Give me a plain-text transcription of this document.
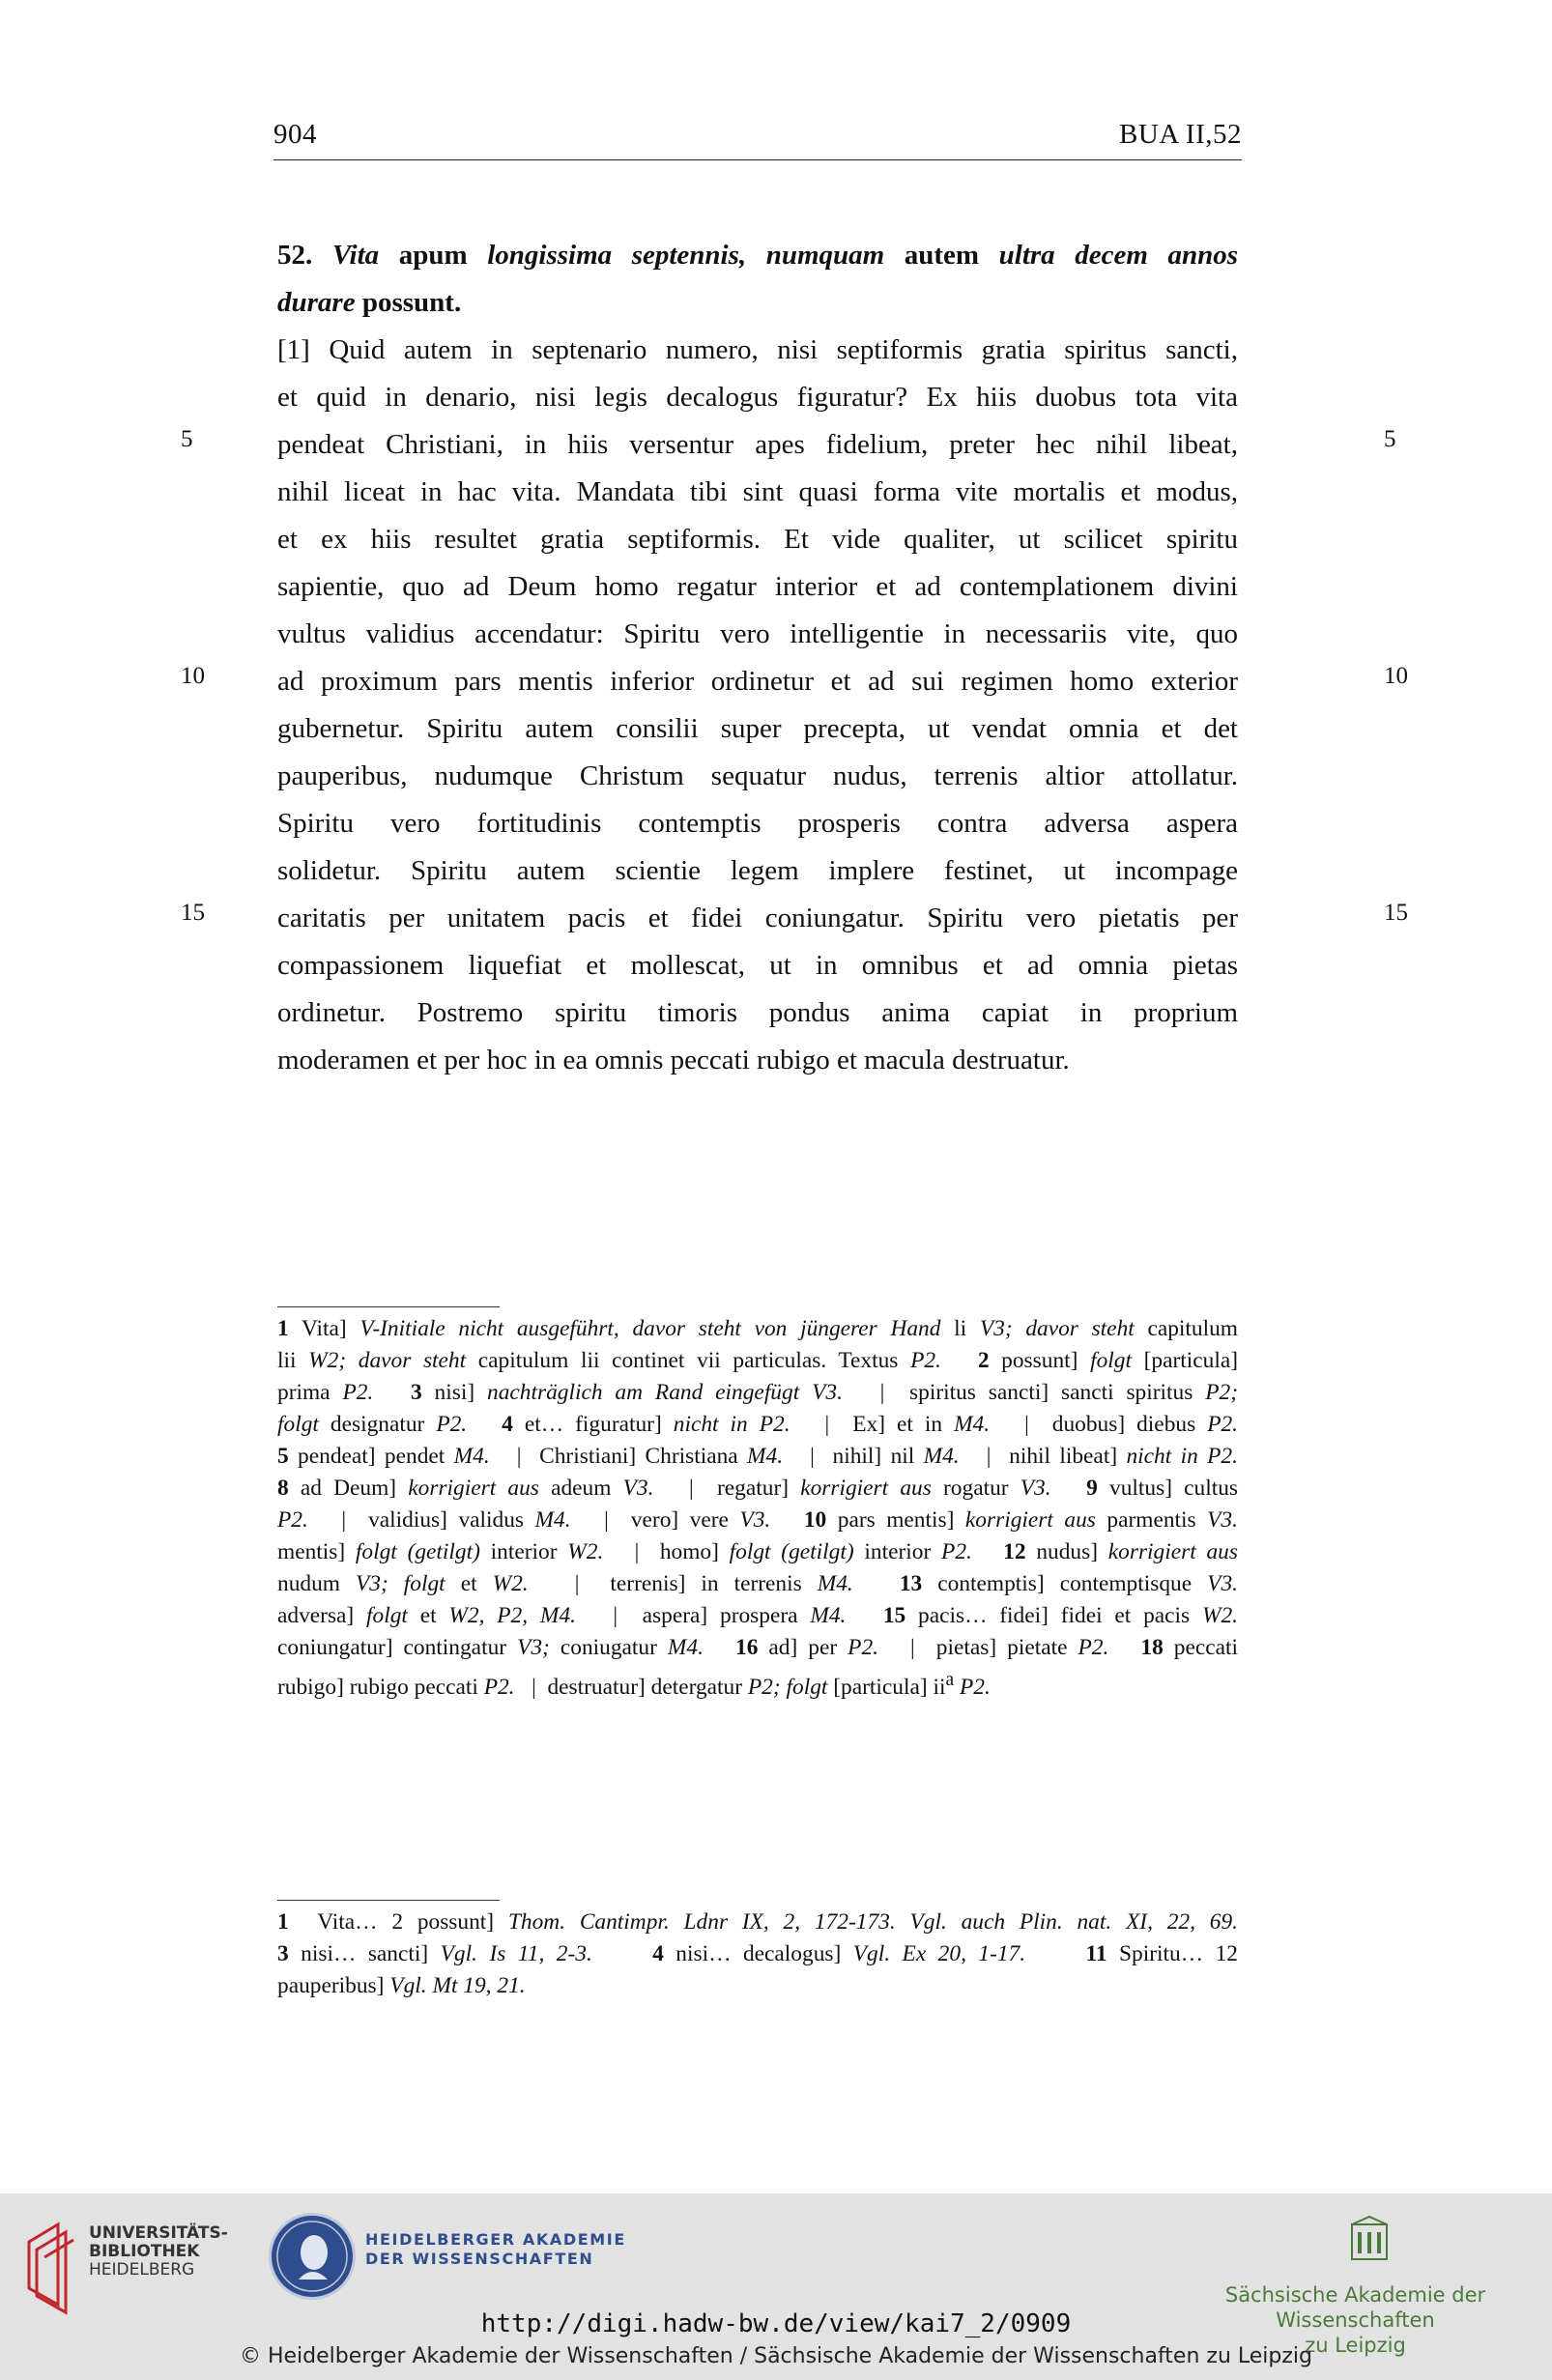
904	BUA II,52
52. Vita apum longissima septennis, numquam autem ultra decem annos
durare possunt.
[1] Quid autem in septenario numero, nisi septiformis gratia spiritus sancti,
et quid in denario, nisi legis decalogus figuratur? Ex hiis duobus tota vita
pendeat Christiani, in hiis versentur apes fidelium, preter hec nihil libeat,
nihil liceat in hac vita. Mandata tibi sint quasi forma vite mortalis et modus,
et ex hiis resultet gratia septiformis. Et vide qualiter, ut scilicet spiritu
sapientie, quo ad Deum homo regatur interior et ad contemplationem divini
vultus validius accendatur: Spiritu vero intelligentie in necessariis vite, quo
ad proximum pars mentis inferior ordinetur et ad sui regimen homo exterior
gubernetur. Spiritu autem consilii super precepta, ut vendat omnia et det
pauperibus, nudumque Christum sequatur nudus, terrenis altior attollatur.
Spiritu vero fortitudinis contemptis prosperis contra adversa aspera
solidetur. Spiritu autem scientie legem implere festinet, ut incompage
caritatis per unitatem pacis et fidei coniungatur. Spiritu vero pietatis per
compassionem liquefiat et mollescat, ut in omnibus et ad omnia pietas
ordinetur. Postremo spiritu timoris pondus anima capiat in proprium
moderamen et per hoc in ea omnis peccati rubigo et macula destruatur.
5	5
10	10
15	15
1 Vita] V-Initiale nicht ausgeführt, davor steht von jüngerer Hand li V3; davor steht capitulum
lii W2; davor steht capitulum lii continet vii particulas. Textus P2. 2 possunt] folgt [particula]
prima P2. 3 nisi] nachträglich am Rand eingefügt V3.   |  spiritus sancti] sancti spiritus P2;
folgt designatur P2. 4 et… figuratur] nicht in P2.   |  Ex] et in M4.   |  duobus] diebus P2.
5 pendeat] pendet M4.   |  Christiani] Christiana M4.   |  nihil] nil M4.   |  nihil libeat] nicht in P2.
8 ad Deum] korrigiert aus adeum V3.   |  regatur] korrigiert aus rogatur V3. 9 vultus] cultus
P2.   |  validius] validus M4.   |  vero] vere V3. 10 pars mentis] korrigiert aus parmentis V3.
mentis] folgt (getilgt) interior W2.   |  homo] folgt (getilgt) interior P2. 12 nudus] korrigiert aus
nudum V3; folgt et W2.   |  terrenis] in terrenis M4. 13 contemptis] contemptisque V3.
adversa] folgt et W2, P2, M4.   |  aspera] prospera M4. 15 pacis… fidei] fidei et pacis W2.
coniungatur] contingatur V3; coniugatur M4. 16 ad] per P2.   |  pietas] pietate P2. 18 peccati
rubigo] rubigo peccati P2.   |  destruatur] detergatur P2; folgt [particula] $ii^a$ P2.
1  Vita… 2 possunt] Thom. Cantimpr. Ldnr IX, 2, 172-173. Vgl. auch Plin. nat. XI, 22, 69.
3 nisi… sancti] Vgl. Is 11, 2-3.	4 nisi… decalogus] Vgl. Ex 20, 1-17.	11 Spiritu… 12
pauperibus] Vgl. Mt 19, 21.
UNIVERSITÄTS-
BIBLIOTHEK
HEIDELBERG
HEIDELBERGER AKADEMIE
DER WISSENSCHAFTEN
Sächsische Akademie der Wissenschaften
zu Leipzig
http://digi.hadw-bw.de/view/kai7_2/0909
© Heidelberger Akademie der Wissenschaften / Sächsische Akademie der Wissenschaften zu Leipzig
